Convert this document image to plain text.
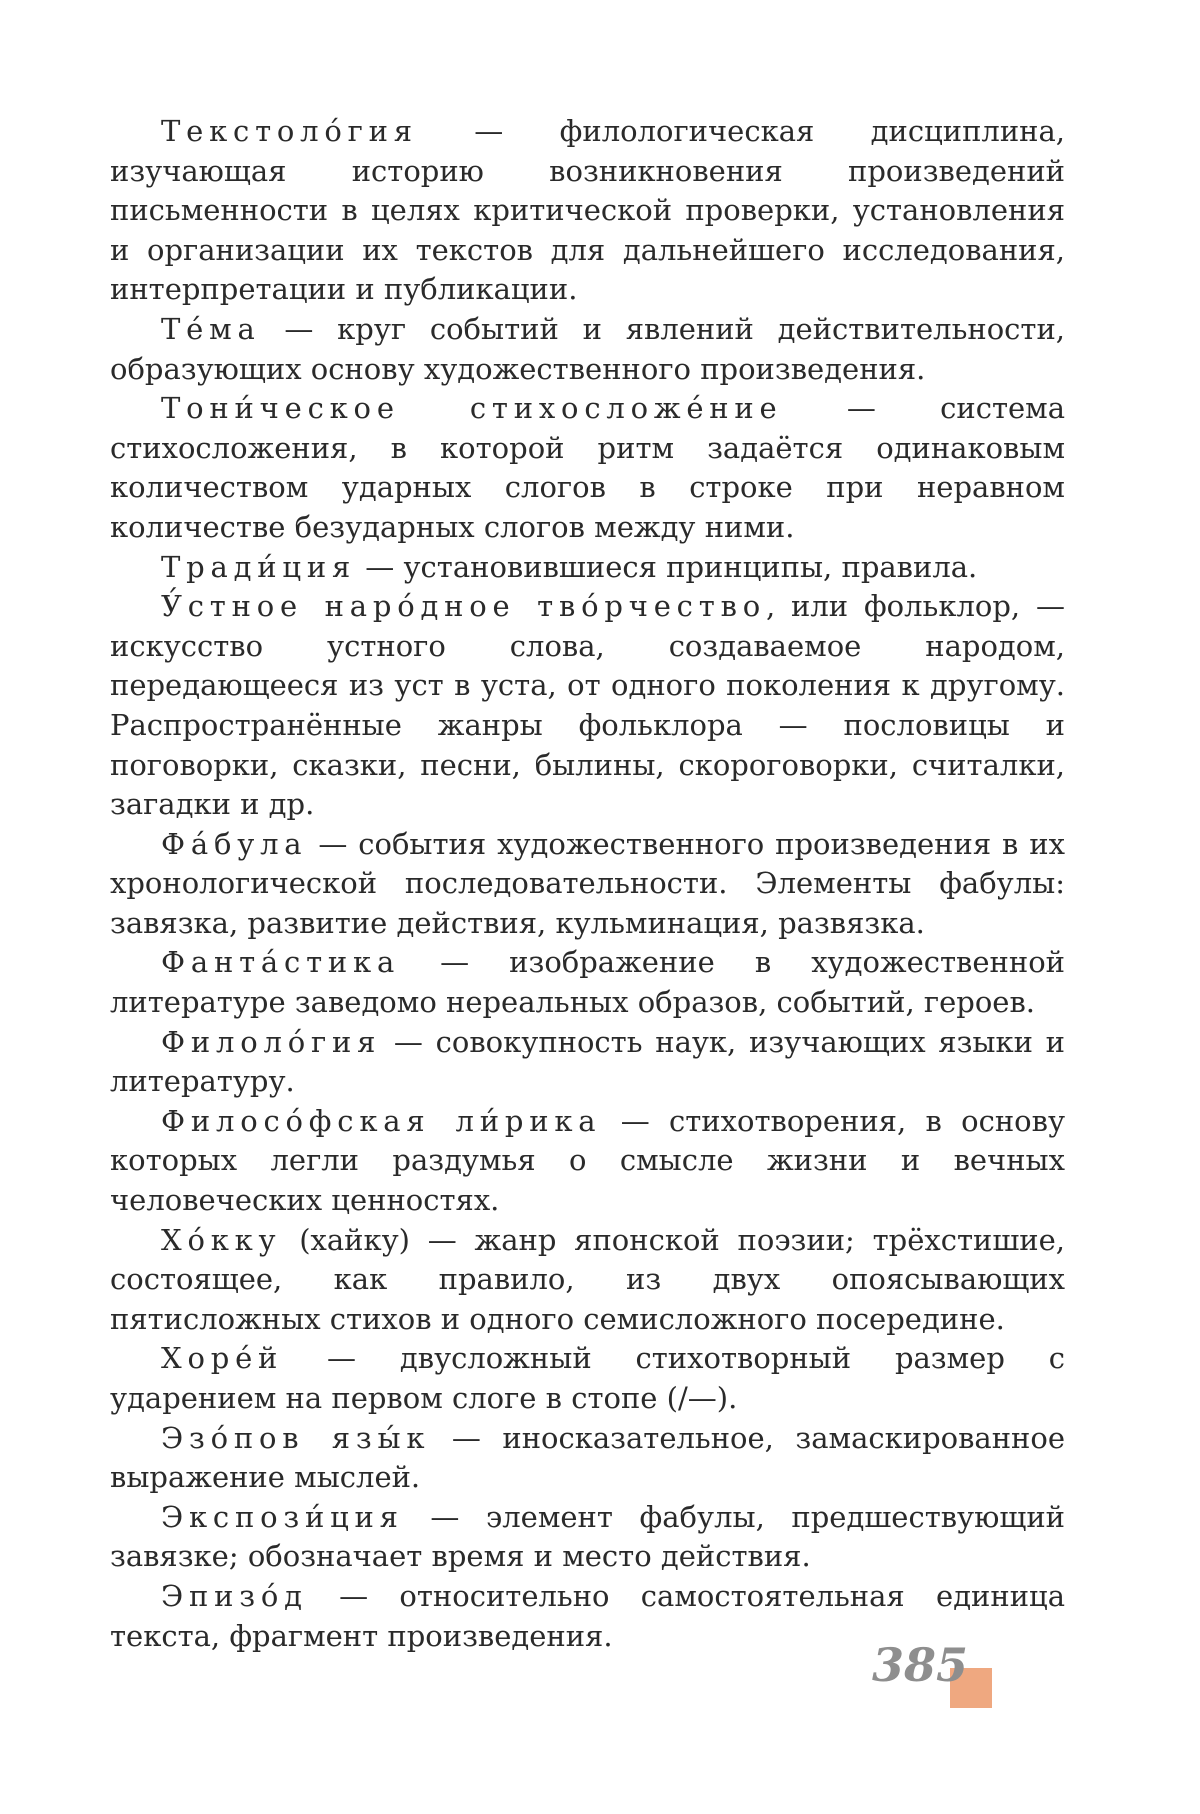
Текстоло́гия — филологическая дисциплина, изучающая историю возникновения произведений письменности в целях критической проверки, установления и организации их текстов для дальнейшего исследования, интерпретации и публикации.

Те́ма — круг событий и явлений действительности, образующих основу художественного произведения.

Тони́ческое стихосложе́ние — система стихосложения, в которой ритм задаётся одинаковым количеством ударных слогов в строке при неравном количестве безударных слогов между ними.

Тради́ция — установившиеся принципы, правила.

У́стное наро́дное тво́рчество, или фольклор, — искусство устного слова, создаваемое народом, передающееся из уст в уста, от одного поколения к другому. Распространённые жанры фольклора — пословицы и поговорки, сказки, песни, былины, скороговорки, считалки, загадки и др.

Фа́була — события художественного произведения в их хронологической последовательности. Элементы фабулы: завязка, развитие действия, кульминация, развязка.

Фанта́стика — изображение в художественной литературе заведомо нереальных образов, событий, героев.

Филоло́гия — совокупность наук, изучающих языки и литературу.

Филосо́фская ли́рика — стихотворения, в основу которых легли раздумья о смысле жизни и вечных человеческих ценностях.

Хо́кку (хайку) — жанр японской поэзии; трёхстишие, состоящее, как правило, из двух опоясывающих пятисложных стихов и одного семисложного посередине.

Хоре́й — двусложный стихотворный размер с ударением на первом слоге в стопе (/—).

Эзо́пов язы́к — иносказательное, замаскированное выражение мыслей.

Экспози́ция — элемент фабулы, предшествующий завязке; обозначает время и место действия.

Эпизо́д — относительно самостоятельная единица текста, фрагмент произведения.

385
